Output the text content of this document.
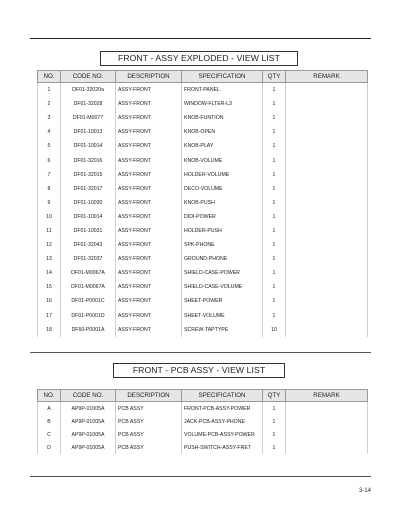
FRONT - ASSY EXPLODED - VIEW LIST
NO.	CODE NO.	DESCRIPTION	SPECIFICATION	QTY	REMARK
1	DF01-32020a	ASSY-FRONT	FRONT-PANEL	1	
2	DF01-32028	ASSY-FRONT	WINDOW-FLTER-L3	1	
3	DF01-M0077	ASSY-FRONT	KNOB-FUNTION	1	
4	DF01-10013	ASSY-FRONT	KNOB-OPEN	1	
5	DF01-10014	ASSY-FRONT	KNOB-PLAY	1	
6	DF01-32016	ASSY-FRONT	KNOB-VOLUME	1	
7	DF01-32015	ASSY-FRONT	HOLDER-VOLUME	1	
8	DF01-32017	ASSY-FRONT	DECO-VOLUME	1	
9	DF01-10030	ASSY-FRONT	KNOB-PUSH	1	
10	DF01-10014	ASSY-FRONT	DIDI-POWER	1	
11	DF01-10031	ASSY-FRONT	HOLDER-PUSH	1	
12	DF01-32043	ASSY-FRONT	SPK-PHONE	1	
13	DF01-32037	ASSY-FRONT	GROUND-PHONE	1	
14	DF01-M0067A	ASSY-FRONT	SHIELD-CASE-POWER	1	
15	DF01-M0067A	ASSY-FRONT	SHIELD-CASE-VOLUME	1	
16	DF01-P0001C	ASSY-FRONT	SHEET-POWER	1	
17	DF01-P0001D	ASSY-FRONT	SHEET-VOLUME	1	
18	DF60-P0001A	ASSY-FRONT	SCREW-TAPTYPE	10	
FRONT - PCB ASSY - VIEW LIST
NO.	CODE NO.	DESCRIPTION	SPECIFICATION	QTY	REMARK
A	AP9P-01005A	PCB ASSY	FRONT-PCB-ASSY-POWER	1	
B	AP9P-01005A	PCB ASSY	JACK-PCB-ASSY-PHONE	1	
C	AP9P-01005A	PCB ASSY	VOLUME-PCB-ASSY-POWER	1	
D	AP9P-01005A	PCB ASSY	PUSH-SWITCH-ASSY-FRET	1	
3-14
